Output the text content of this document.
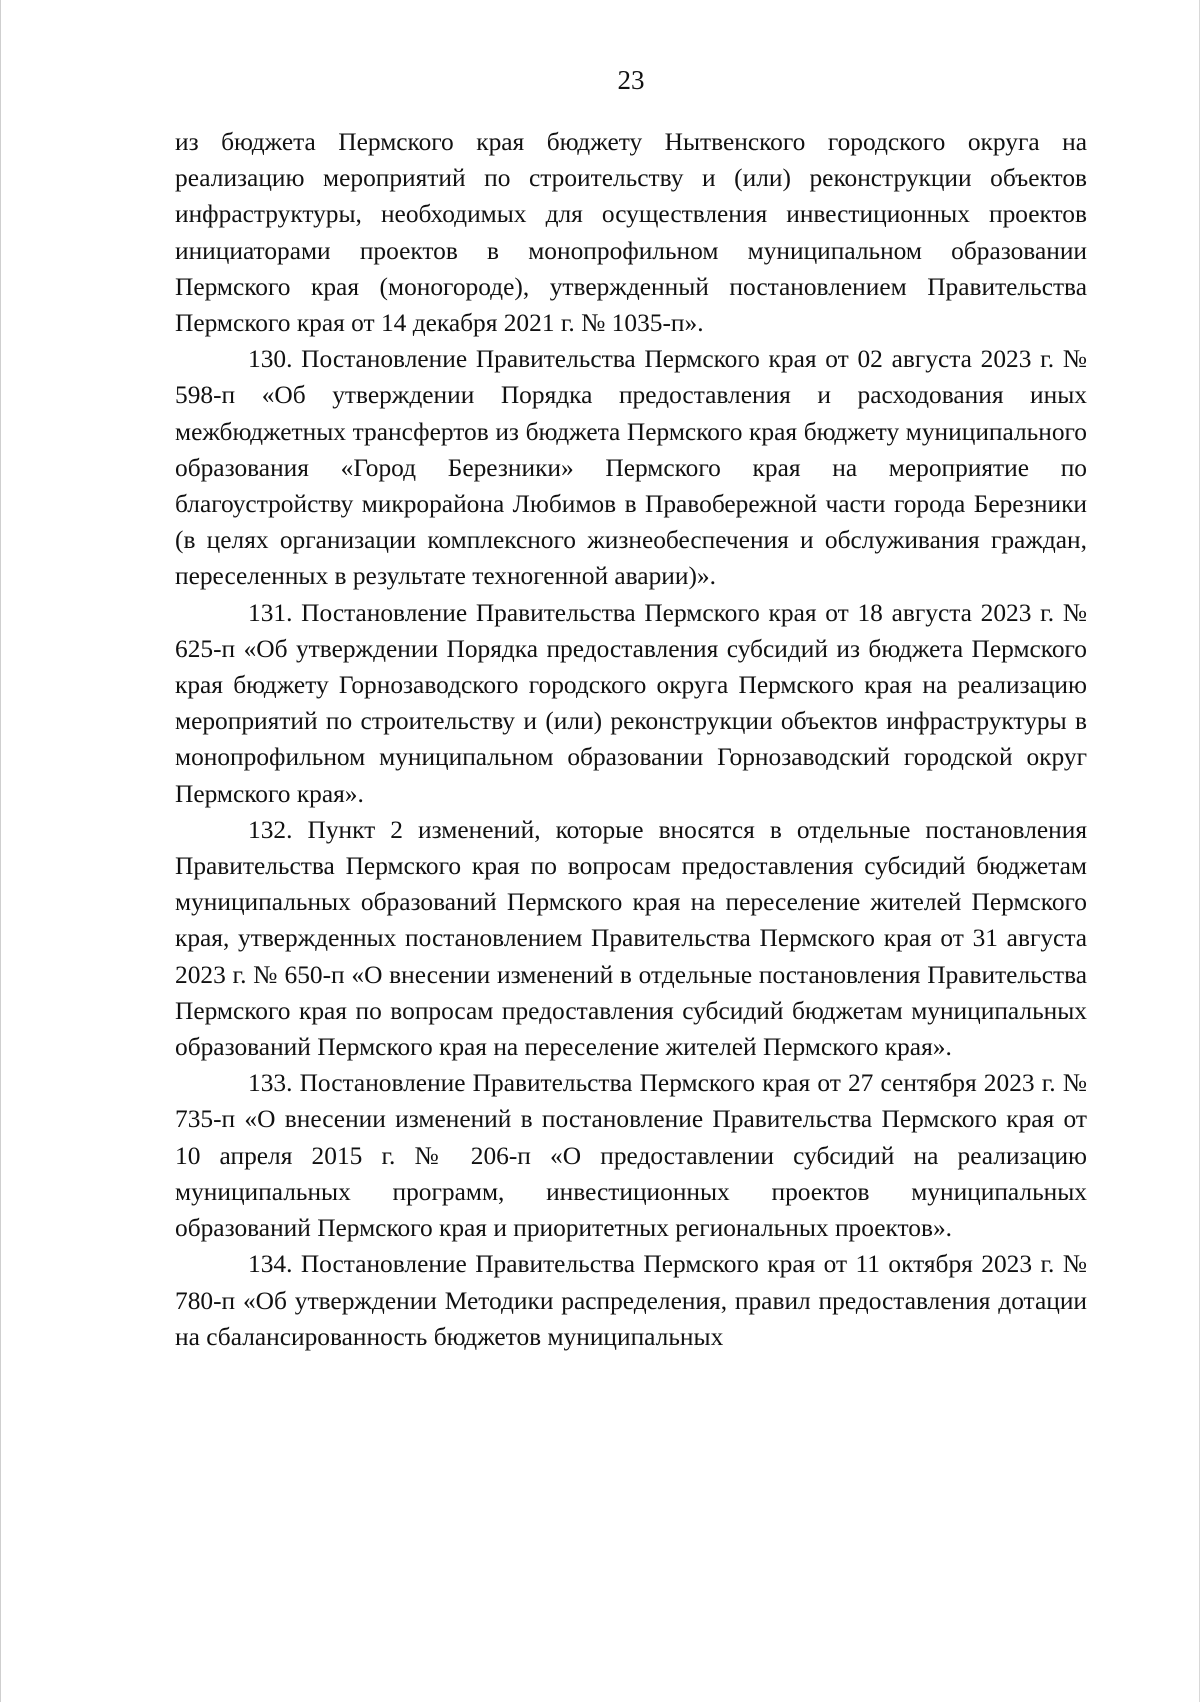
23

из бюджета Пермского края бюджету Нытвенского городского округа на реализацию мероприятий по строительству и (или) реконструкции объектов инфраструктуры, необходимых для осуществления инвестиционных проектов инициаторами проектов в монопрофильном муниципальном образовании Пермского края (моногороде), утвержденный постановлением Правительства Пермского края от 14 декабря 2021 г. № 1035-п».

130. Постановление Правительства Пермского края от 02 августа 2023 г. № 598-п «Об утверждении Порядка предоставления и расходования иных межбюджетных трансфертов из бюджета Пермского края бюджету муниципального образования «Город Березники» Пермского края на мероприятие по благоустройству микрорайона Любимов в Правобережной части города Березники (в целях организации комплексного жизнеобеспечения и обслуживания граждан, переселенных в результате техногенной аварии)».

131. Постановление Правительства Пермского края от 18 августа 2023 г. № 625-п «Об утверждении Порядка предоставления субсидий из бюджета Пермского края бюджету Горнозаводского городского округа Пермского края на реализацию мероприятий по строительству и (или) реконструкции объектов инфраструктуры в монопрофильном муниципальном образовании Горнозаводский городской округ Пермского края».

132. Пункт 2 изменений, которые вносятся в отдельные постановления Правительства Пермского края по вопросам предоставления субсидий бюджетам муниципальных образований Пермского края на переселение жителей Пермского края, утвержденных постановлением Правительства Пермского края от 31 августа 2023 г. № 650-п «О внесении изменений в отдельные постановления Правительства Пермского края по вопросам предоставления субсидий бюджетам муниципальных образований Пермского края на переселение жителей Пермского края».

133. Постановление Правительства Пермского края от 27 сентября 2023 г. № 735-п «О внесении изменений в постановление Правительства Пермского края от 10 апреля 2015 г. № 206-п «О предоставлении субсидий на реализацию муниципальных программ, инвестиционных проектов муниципальных образований Пермского края и приоритетных региональных проектов».

134. Постановление Правительства Пермского края от 11 октября 2023 г. № 780-п «Об утверждении Методики распределения, правил предоставления дотации на сбалансированность бюджетов муниципальных
